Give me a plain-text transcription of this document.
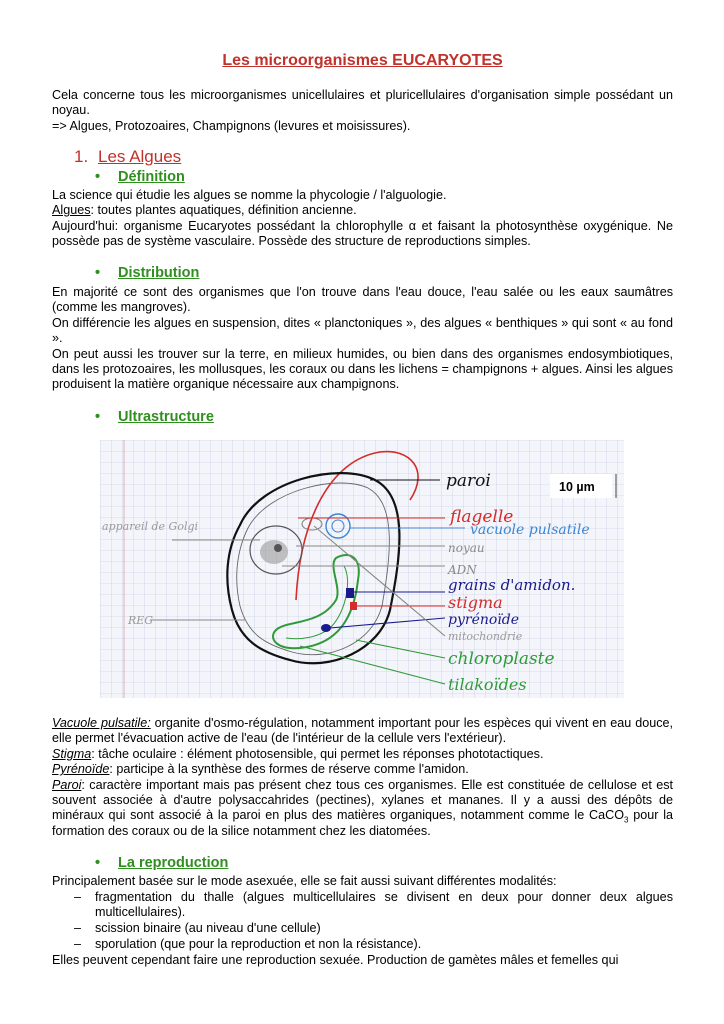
Les microorganismes EUCARYOTES
Cela concerne tous les microorganismes unicellulaires et pluricellulaires d'organisation simple possédant un noyau.
=> Algues, Protozoaires, Champignons (levures et moisissures).
1. Les Algues
• Définition
La science qui étudie les algues se nomme la phycologie / l'alguologie.
Algues: toutes plantes aquatiques, définition ancienne.
Aujourd'hui: organisme Eucaryotes possédant la chlorophylle α et faisant la photosynthèse oxygénique. Ne possède pas de système vasculaire. Possède des structure de reproductions simples.
• Distribution
En majorité ce sont des organismes que l'on trouve dans l'eau douce, l'eau salée ou les eaux saumâtres (comme les mangroves).
On différencie les algues en suspension, dites « planctoniques », des algues « benthiques » qui sont « au fond ».
On peut aussi les trouver sur la terre, en milieux humides, ou bien dans des organismes endosymbiotiques, dans les protozoaires, les mollusques, les coraux ou dans les lichens = champignons + algues. Ainsi les algues produisent la matière organique nécessaire aux champignons.
• Ultrastructure
Vacuole pulsatile: organite d'osmo-régulation, notamment important pour les espèces qui vivent en eau douce, elle permet l'évacuation active de l'eau (de l'intérieur de la cellule vers l'extérieur).
Stigma: tâche oculaire : élément photosensible, qui permet les réponses phototactiques.
Pyrénoïde: participe à la synthèse des formes de réserve comme l'amidon.
Paroi: caractère important mais pas présent chez tous ces organismes. Elle est constituée de cellulose et est souvent associée à d'autre polysaccahrides (pectines), xylanes et mananes. Il y a aussi des dépôts de minéraux qui sont associé à la paroi en plus des matières organiques, notamment comme le CaCO$_3$ pour la formation des coraux ou de la silice notamment chez les diatomées.
• La reproduction
Principalement basée sur le mode asexuée, elle se fait aussi suivant différentes modalités:
– fragmentation du thalle (algues multicellulaires se divisent en deux pour donner deux algues multicellulaires).
– scission binaire (au niveau d'une cellule)
– sporulation (que pour la reproduction et non la résistance).
Elles peuvent cependant faire une reproduction sexuée. Production de gamètes mâles et femelles qui
10 µm
paroi
flagelle
vacuole pulsatile
noyau
ADN
grains d'amidon.
stigma
pyrénoïde
mitochondrie
chloroplaste
tilakoïdes
appareil de Golgi
REG
